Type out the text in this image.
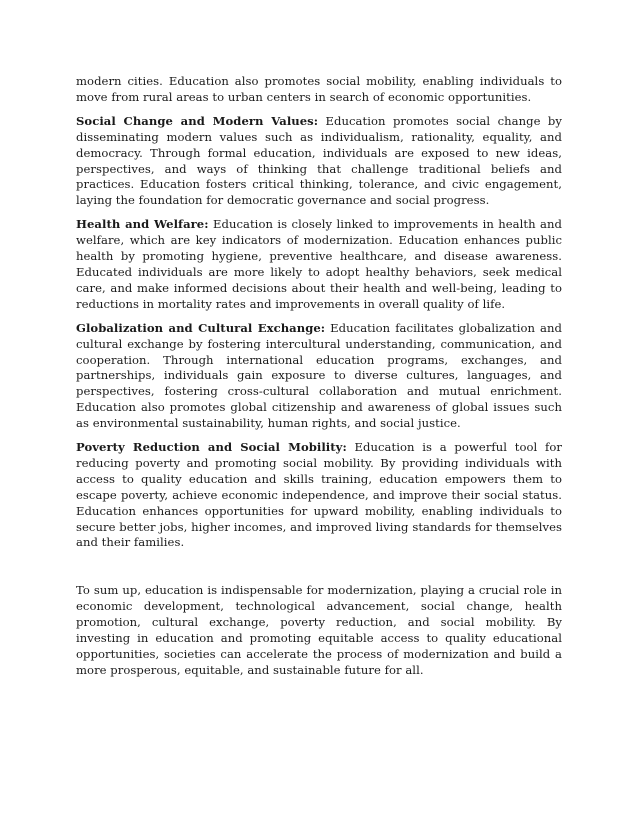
modern cities. Education also promotes social mobility, enabling individuals to move from rural areas to urban centers in search of economic opportunities.

Social Change and Modern Values: Education promotes social change by disseminating modern values such as individualism, rationality, equality, and democracy. Through formal education, individuals are exposed to new ideas, perspectives, and ways of thinking that challenge traditional beliefs and practices. Education fosters critical thinking, tolerance, and civic engagement, laying the foundation for democratic governance and social progress.

Health and Welfare: Education is closely linked to improvements in health and welfare, which are key indicators of modernization. Education enhances public health by promoting hygiene, preventive healthcare, and disease awareness. Educated individuals are more likely to adopt healthy behaviors, seek medical care, and make informed decisions about their health and well-being, leading to reductions in mortality rates and improvements in overall quality of life.

Globalization and Cultural Exchange: Education facilitates globalization and cultural exchange by fostering intercultural understanding, communication, and cooperation. Through international education programs, exchanges, and partnerships, individuals gain exposure to diverse cultures, languages, and perspectives, fostering cross-cultural collaboration and mutual enrichment. Education also promotes global citizenship and awareness of global issues such as environmental sustainability, human rights, and social justice.

Poverty Reduction and Social Mobility: Education is a powerful tool for reducing poverty and promoting social mobility. By providing individuals with access to quality education and skills training, education empowers them to escape poverty, achieve economic independence, and improve their social status. Education enhances opportunities for upward mobility, enabling individuals to secure better jobs, higher incomes, and improved living standards for themselves and their families.

To sum up, education is indispensable for modernization, playing a crucial role in economic development, technological advancement, social change, health promotion, cultural exchange, poverty reduction, and social mobility. By investing in education and promoting equitable access to quality educational opportunities, societies can accelerate the process of modernization and build a more prosperous, equitable, and sustainable future for all.
